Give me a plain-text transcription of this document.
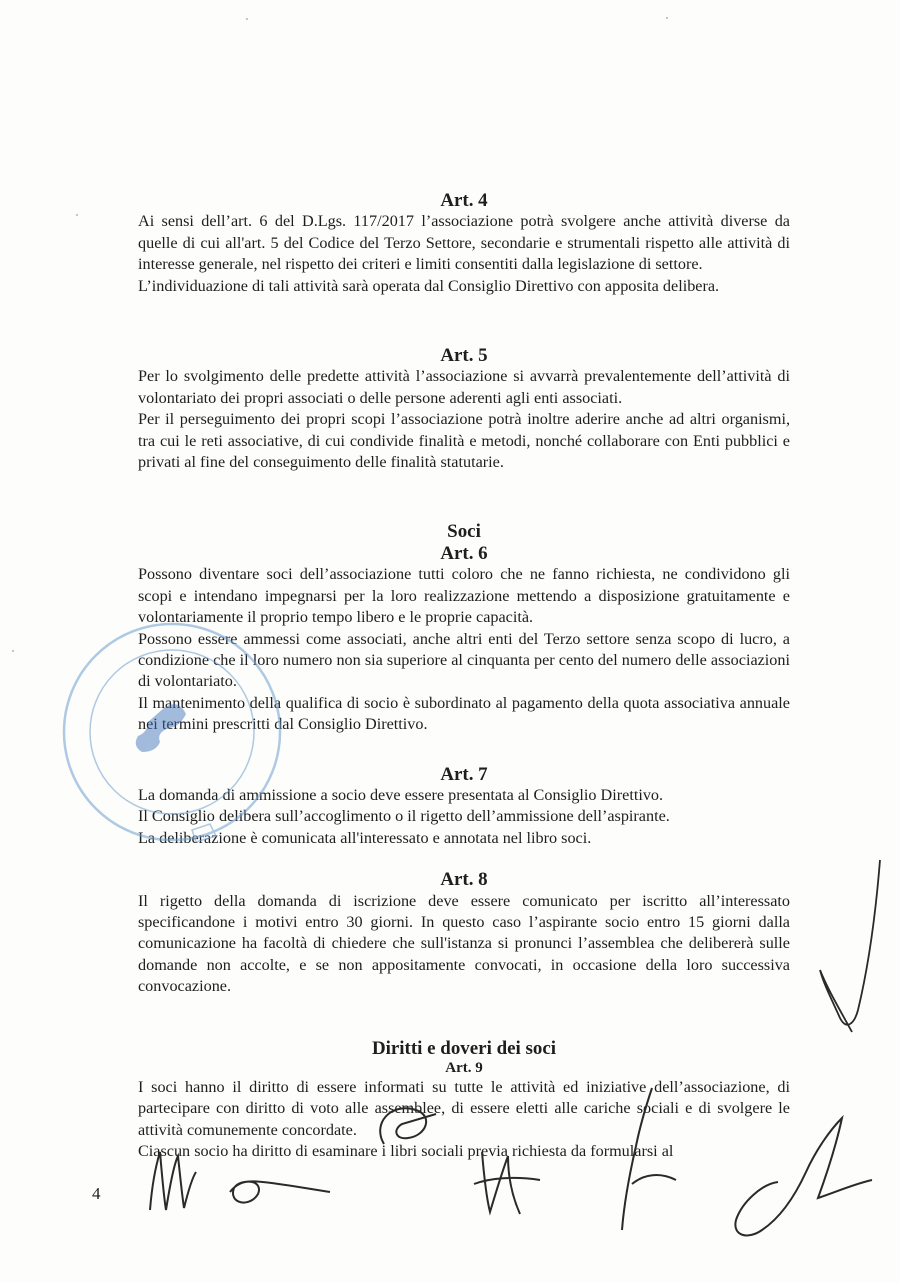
Art. 4

Ai sensi dell’art. 6 del D.Lgs. 117/2017 l’associazione potrà svolgere anche attività diverse da quelle di cui all'art. 5 del Codice del Terzo Settore, secondarie e strumentali rispetto alle attività di interesse generale, nel rispetto dei criteri e limiti consentiti dalla legislazione di settore.

L’individuazione di tali attività sarà operata dal Consiglio Direttivo con apposita delibera.

Art. 5

Per lo svolgimento delle predette attività l’associazione si avvarrà prevalentemente dell’attività di volontariato dei propri associati o delle persone aderenti agli enti associati.

Per il perseguimento dei propri scopi l’associazione potrà inoltre aderire anche ad altri organismi, tra cui le reti associative, di cui condivide finalità e metodi, nonché collaborare con Enti pubblici e privati al fine del conseguimento delle finalità statutarie.

Soci
Art. 6

Possono diventare soci dell’associazione tutti coloro che ne fanno richiesta, ne condividono gli scopi e intendano impegnarsi per la loro realizzazione mettendo a disposizione gratuitamente e volontariamente il proprio tempo libero e le proprie capacità.

Possono essere ammessi come associati, anche altri enti del Terzo settore senza scopo di lucro, a condizione che il loro numero non sia superiore al cinquanta per cento del numero delle associazioni di volontariato.

Il mantenimento della qualifica di socio è subordinato al pagamento della quota associativa annuale nei termini prescritti dal Consiglio Direttivo.

Art. 7

La domanda di ammissione a socio deve essere presentata al Consiglio Direttivo.

Il Consiglio delibera sull’accoglimento o il rigetto dell’ammissione dell’aspirante.

La deliberazione è comunicata all'interessato e annotata nel libro soci.

Art. 8

Il rigetto della domanda di iscrizione deve essere comunicato per iscritto all’interessato specificandone i motivi entro 30 giorni. In questo caso l’aspirante socio entro 15 giorni dalla comunicazione ha facoltà di chiedere che sull'istanza si pronunci l’assemblea che delibererà sulle domande non accolte, e se non appositamente convocati, in occasione della loro successiva convocazione.

Diritti e doveri dei soci
Art. 9

I soci hanno il diritto di essere informati su tutte le attività ed iniziative dell’associazione, di partecipare con diritto di voto alle assemblee, di essere eletti alle cariche sociali e di svolgere le attività comunemente concordate.

Ciascun socio ha diritto di esaminare i libri sociali previa richiesta da formularsi al

4
